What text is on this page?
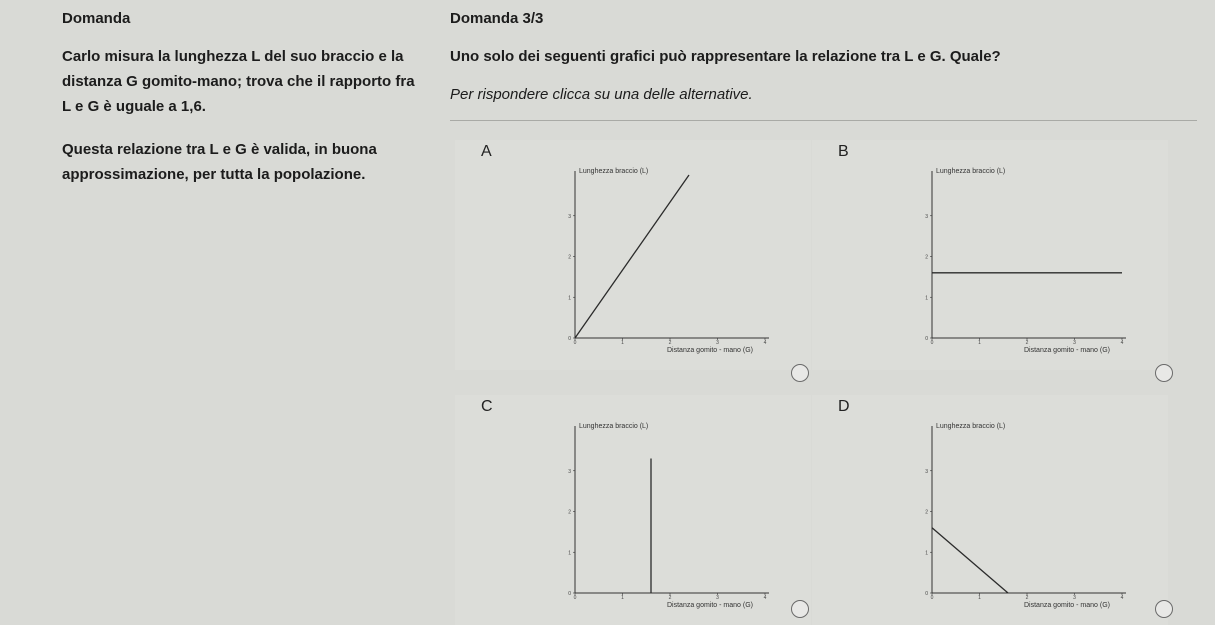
Domanda

Carlo misura la lunghezza L del suo braccio e la distanza G gomito-mano; trova che il rapporto fra L e G è uguale a 1,6.

Questa relazione tra L e G è valida, in buona approssimazione, per tutta la popolazione.

Domanda 3/3
Uno solo dei seguenti grafici può rappresentare la relazione tra L e G. Quale?
Per rispondere clicca su una delle alternative.
A
Lunghezza braccio (L)
Distanza gomito - mano (G)
0	1	2	3	4
0
1
2
3
B
Lunghezza braccio (L)
Distanza gomito - mano (G)
0	1	2	3	4
0
1
2
3
C
Lunghezza braccio (L)
Distanza gomito - mano (G)
0	1	2	3	4
0
1
2
3
D
Lunghezza braccio (L)
Distanza gomito - mano (G)
0	1	2	3	4
0
1
2
3
